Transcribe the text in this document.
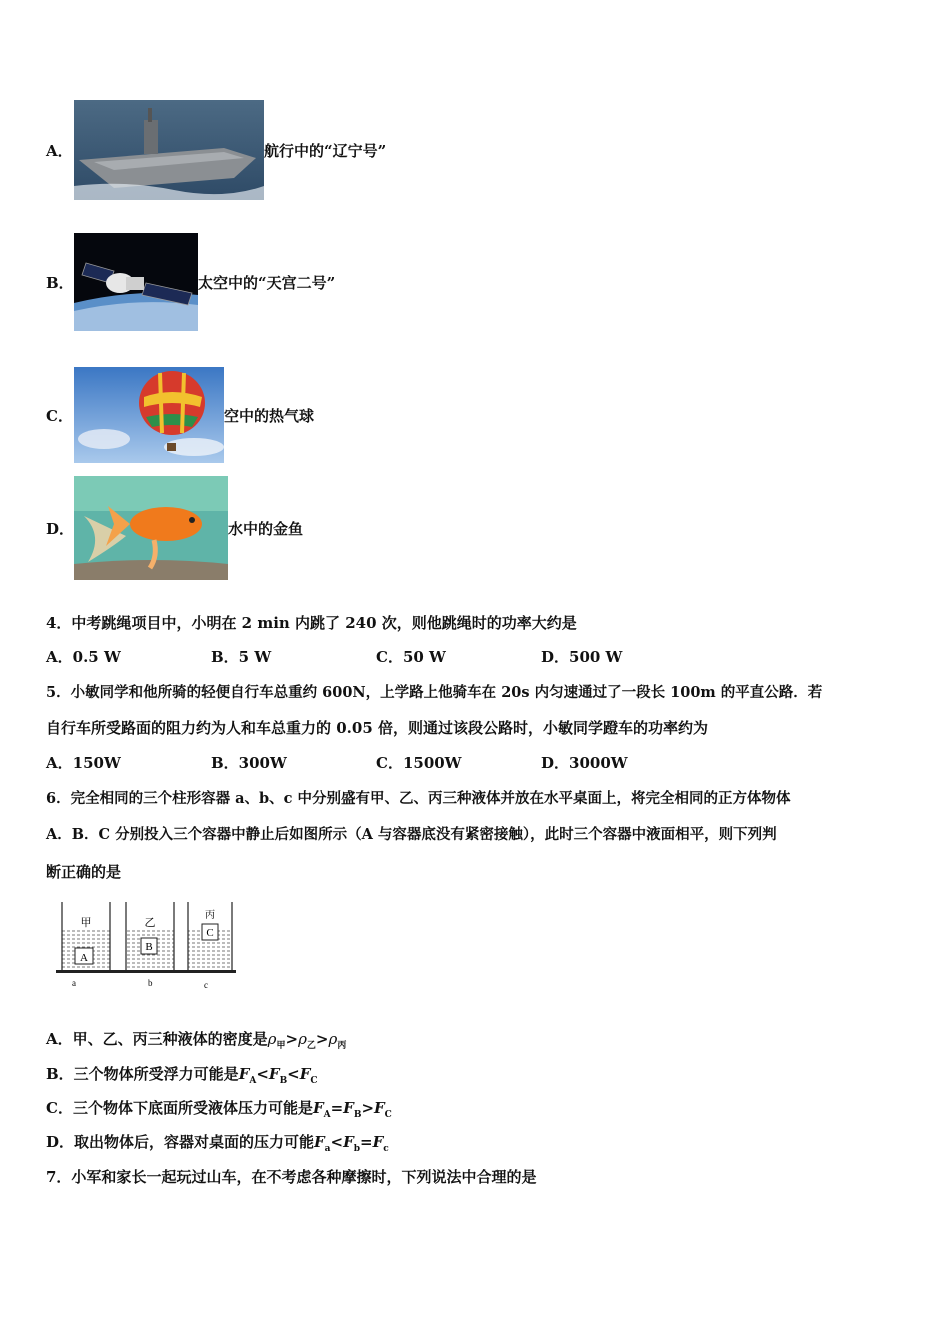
A．	航行中的“辽宁号”
B．	太空中的“天宫二号”
C．	空中的热气球
D．	水中的金鱼
4．中考跳绳项目中，小明在 2 min 内跳了 240 次，则他跳绳时的功率大约是
A．0.5 W	B．5 W	C．50 W	D．500 W
5．小敏同学和他所骑的轻便自行车总重约 600N，上学路上他骑车在 20s 内匀速通过了一段长 100m 的平直公路．若
自行车所受路面的阻力约为人和车总重力的 0.05 倍，则通过该段公路时，小敏同学蹬车的功率约为
A．150W	B．300W	C．1500W	D．3000W
6．完全相同的三个柱形容器 a、b、c 中分别盛有甲、乙、丙三种液体并放在水平桌面上，将完全相同的正方体物体
A．B．C 分别投入三个容器中静止后如图所示（A 与容器底没有紧密接触），此时三个容器中液面相平，则下列判
断正确的是
A
甲
B
乙
C
丙
a	b	c
A．甲、乙、丙三种液体的密度是$\rho_甲>\rho_乙>\rho_丙$
B．三个物体所受浮力可能是$F_A<F_B<F_C$
C．三个物体下底面所受液体压力可能是$F_A=F_B>F_C$
D．取出物体后，容器对桌面的压力可能$F_a<F_b=F_c$
7．小军和家长一起玩过山车，在不考虑各种摩擦时，下列说法中合理的是
